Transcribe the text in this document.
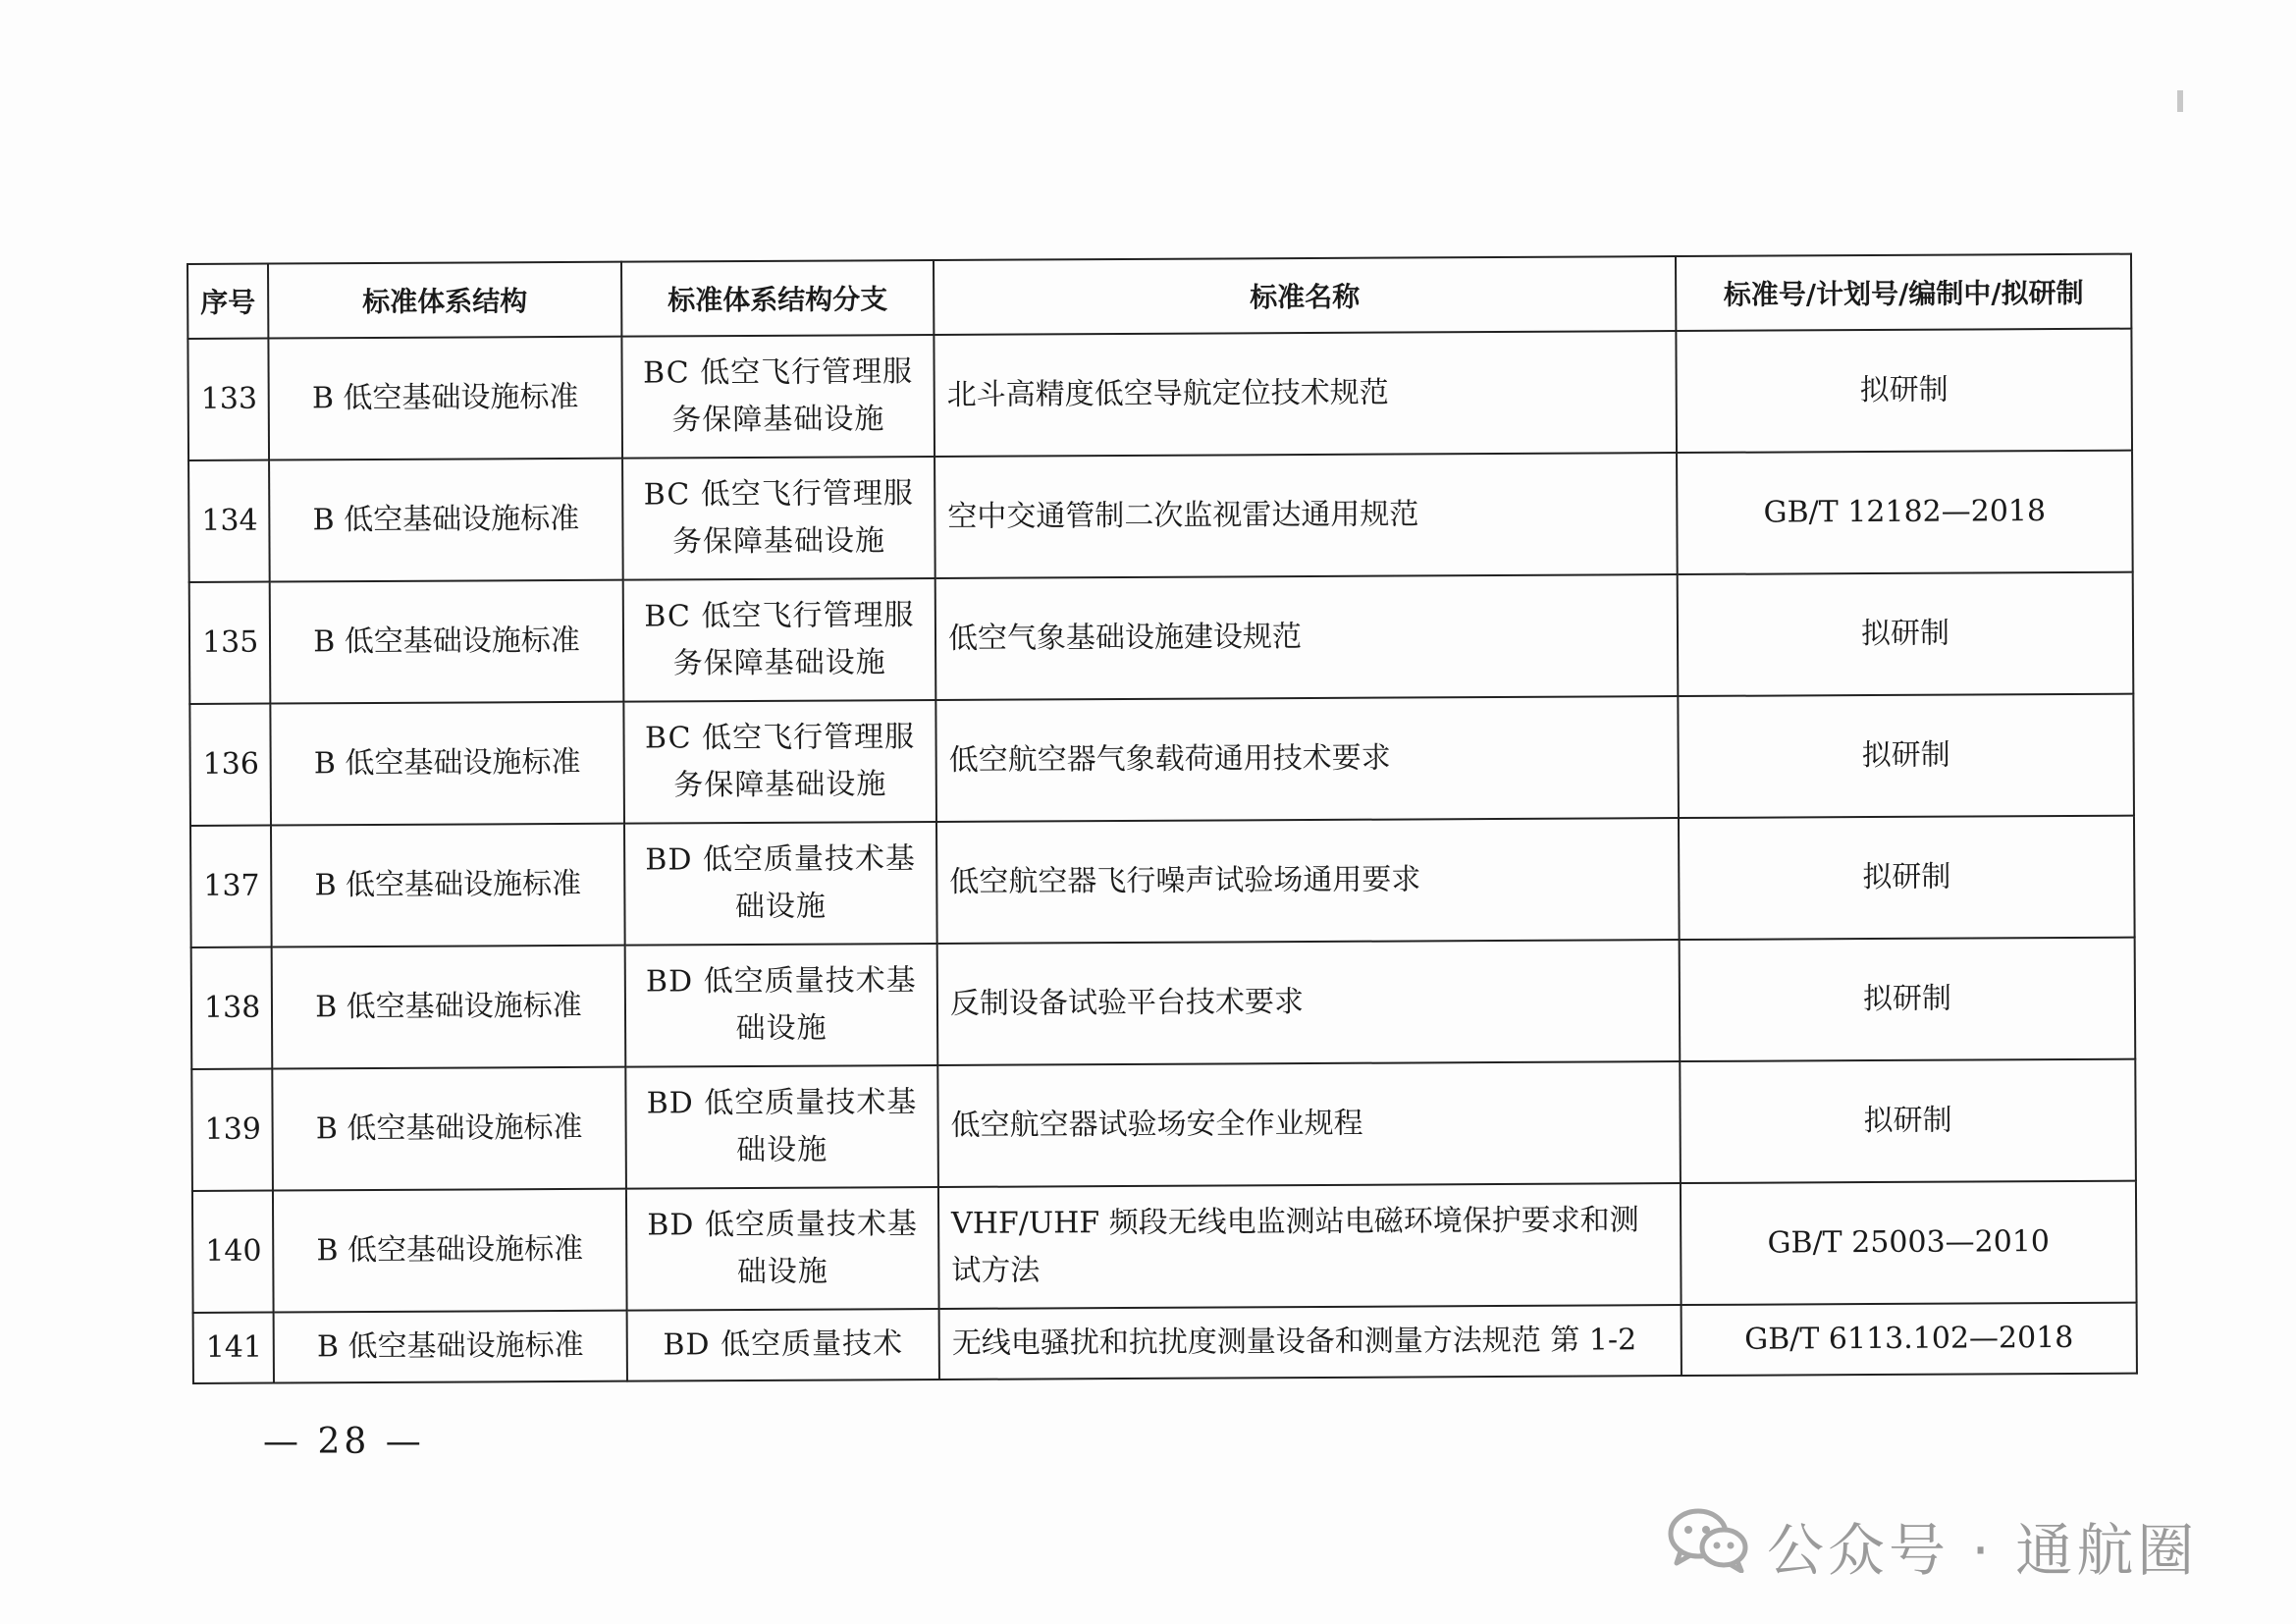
序号	标准体系结构	标准体系结构分支	标准名称	标准号/计划号/编制中/拟研制
133	B 低空基础设施标准	BC 低空飞行管理服务保障基础设施	北斗高精度低空导航定位技术规范	拟研制
134	B 低空基础设施标准	BC 低空飞行管理服务保障基础设施	空中交通管制二次监视雷达通用规范	GB/T 12182—2018
135	B 低空基础设施标准	BC 低空飞行管理服务保障基础设施	低空气象基础设施建设规范	拟研制
136	B 低空基础设施标准	BC 低空飞行管理服务保障基础设施	低空航空器气象载荷通用技术要求	拟研制
137	B 低空基础设施标准	BD 低空质量技术基础设施	低空航空器飞行噪声试验场通用要求	拟研制
138	B 低空基础设施标准	BD 低空质量技术基础设施	反制设备试验平台技术要求	拟研制
139	B 低空基础设施标准	BD 低空质量技术基础设施	低空航空器试验场安全作业规程	拟研制
140	B 低空基础设施标准	BD 低空质量技术基础设施	VHF/UHF 频段无线电监测站电磁环境保护要求和测试方法	GB/T 25003—2010
141	B 低空基础设施标准	BD 低空质量技术	无线电骚扰和抗扰度测量设备和测量方法规范 第 1-2	GB/T 6113.102—2018
— 28 —
公众号 · 通航圈
